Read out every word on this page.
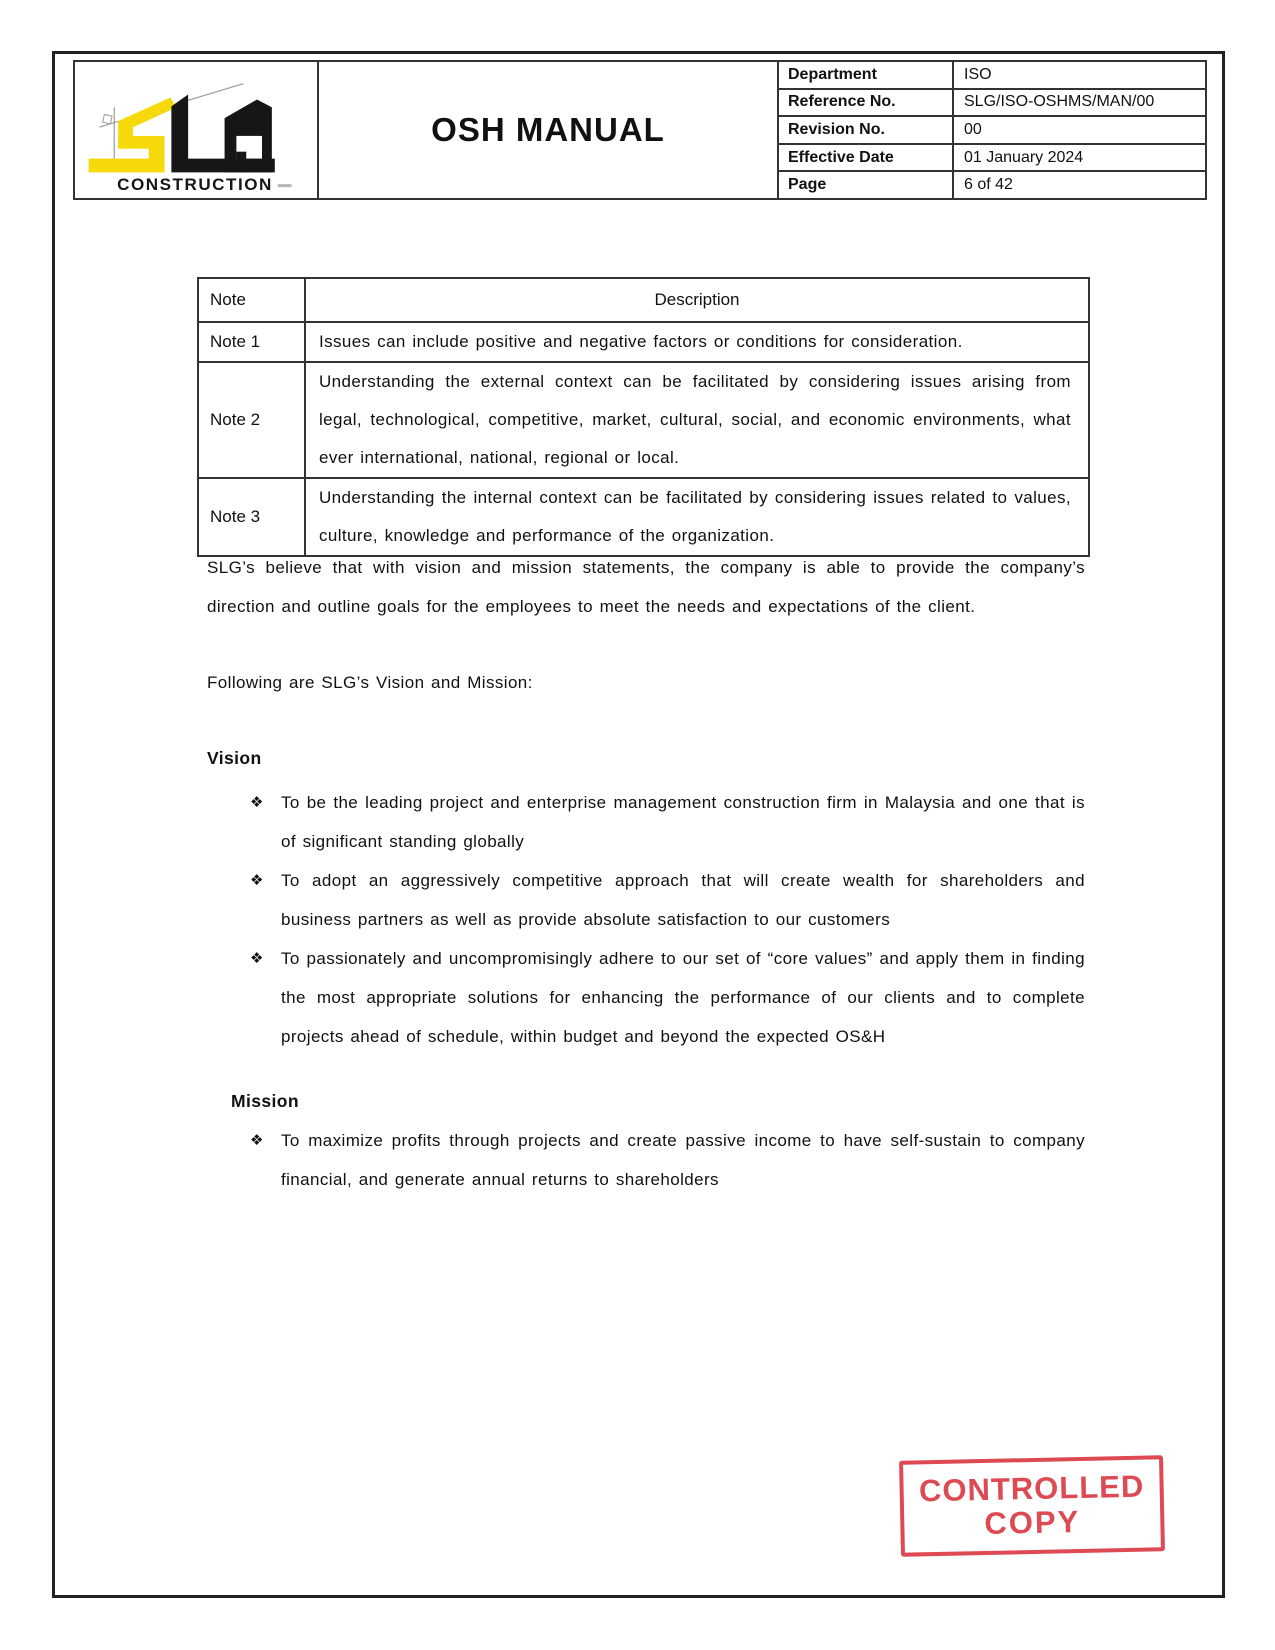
CONSTRUCTION
OSH MANUAL
Department	ISO
Reference No.	SLG/ISO-OSHMS/MAN/00
Revision No.	00
Effective Date	01 January 2024
Page	6 of 42
Note	Description
Note 1	Issues can include positive and negative factors or conditions for consideration.
Note 2	Understanding the external context can be facilitated by considering issues arising from legal, technological, competitive, market, cultural, social, and economic environments, what ever international, national, regional or local.
Note 3	Understanding the internal context can be facilitated by considering issues related to values, culture, knowledge and performance of the organization.

SLG’s believe that with vision and mission statements, the company is able to provide the company’s direction and outline goals for the employees to meet the needs and expectations of the client.

Following are SLG’s Vision and Mission:

Vision
❖ To be the leading project and enterprise management construction firm in Malaysia and one that is of significant standing globally
❖ To adopt an aggressively competitive approach that will create wealth for shareholders and business partners as well as provide absolute satisfaction to our customers
❖ To passionately and uncompromisingly adhere to our set of “core values” and apply them in finding the most appropriate solutions for enhancing the performance of our clients and to complete projects ahead of schedule, within budget and beyond the expected OS&H
Mission
❖ To maximize profits through projects and create passive income to have self-sustain to company financial, and generate annual returns to shareholders
CONTROLLED
COPY
